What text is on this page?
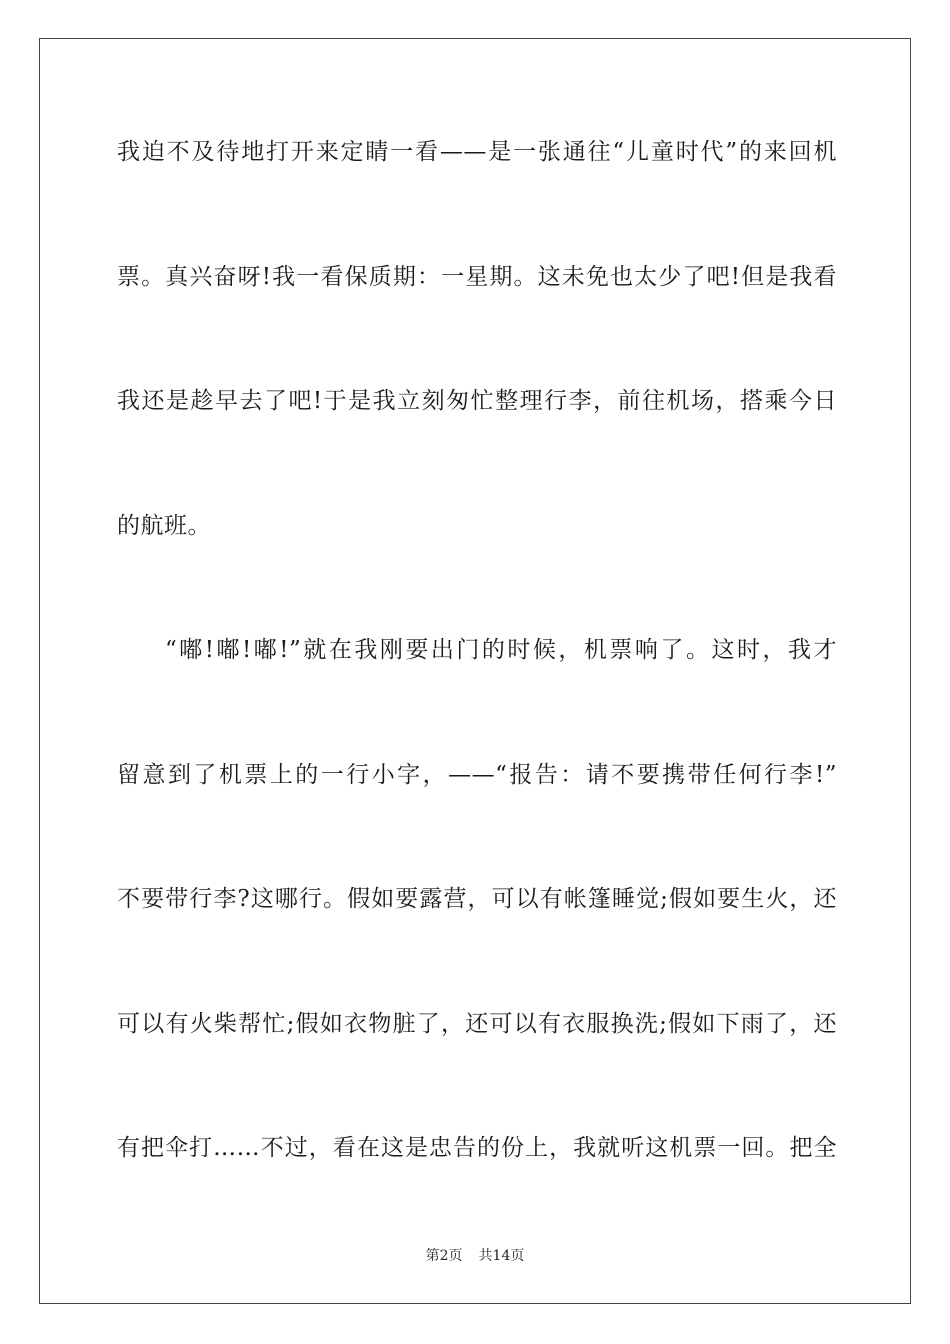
我迫不及待地打开来定睛一看——是一张通往“儿童时代”的来回机
票。真兴奋呀!我一看保质期：一星期。这未免也太少了吧!但是我看
我还是趁早去了吧!于是我立刻匆忙整理行李，前往机场，搭乘今日
的航班。
“嘟!嘟!嘟!”就在我刚要出门的时候，机票响了。这时，我才
留意到了机票上的一行小字，——“报告：请不要携带任何行李!”
不要带行李?这哪行。假如要露营，可以有帐篷睡觉;假如要生火，还
可以有火柴帮忙;假如衣物脏了，还可以有衣服换洗;假如下雨了，还
有把伞打……不过，看在这是忠告的份上，我就听这机票一回。把全
第2页 共14页
